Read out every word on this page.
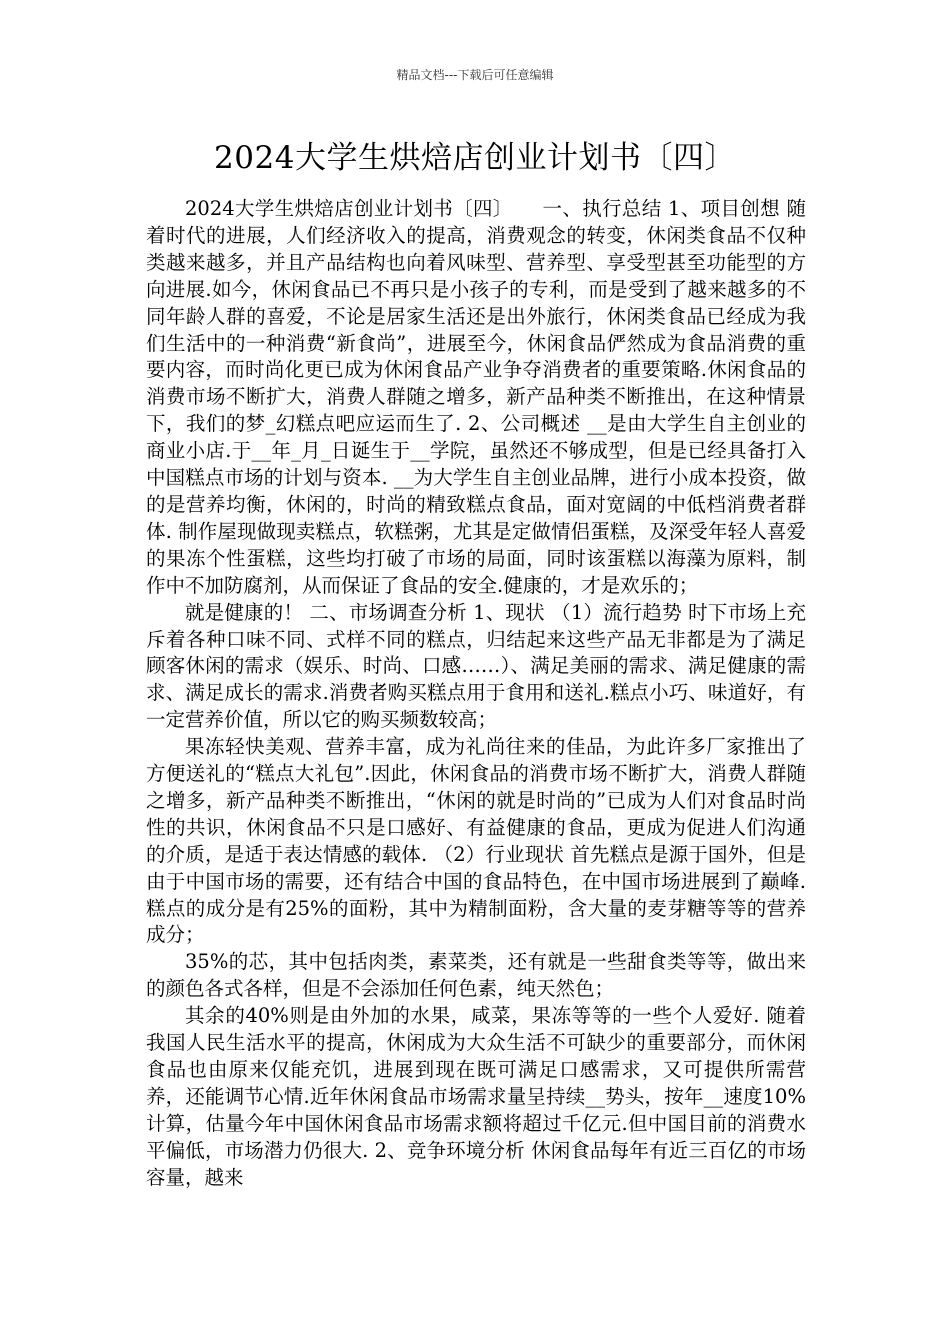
精品文档---下载后可任意编辑
2024大学生烘焙店创业计划书〔四〕

2024大学生烘焙店创业计划书〔四〕　　一、执行总结 1、项目创想 随着时代的进展，人们经济收入的提高，消费观念的转变，休闲类食品不仅种类越来越多，并且产品结构也向着风味型、营养型、享受型甚至功能型的方向进展.如今，休闲食品已不再只是小孩子的专利，而是受到了越来越多的不同年龄人群的喜爱，不论是居家生活还是出外旅行，休闲类食品已经成为我们生活中的一种消费“新食尚”，进展至今，休闲食品俨然成为食品消费的重要内容，而时尚化更已成为休闲食品产业争夺消费者的重要策略.休闲食品的消费市场不断扩大，消费人群随之增多，新产品种类不断推出，在这种情景下，我们的梦_幻糕点吧应运而生了. 2、公司概述 __是由大学生自主创业的商业小店.于__年_月_日诞生于__学院，虽然还不够成型，但是已经具备打入中国糕点市场的计划与资本. __为大学生自主创业品牌，进行小成本投资，做的是营养均衡，休闲的，时尚的精致糕点食品，面对宽阔的中低档消费者群体. 制作屋现做现卖糕点，软糕粥，尤其是定做情侣蛋糕，及深受年轻人喜爱的果冻个性蛋糕，这些均打破了市场的局面，同时该蛋糕以海藻为原料，制作中不加防腐剂，从而保证了食品的安全.健康的，才是欢乐的；

就是健康的！ 二、市场调查分析 1、现状 （1）流行趋势 时下市场上充斥着各种口味不同、式样不同的糕点，归结起来这些产品无非都是为了满足顾客休闲的需求（娱乐、时尚、口感……）、满足美丽的需求、满足健康的需求、满足成长的需求.消费者购买糕点用于食用和送礼.糕点小巧、味道好，有一定营养价值，所以它的购买频数较高；

果冻轻快美观、营养丰富，成为礼尚往来的佳品，为此许多厂家推出了方便送礼的“糕点大礼包”.因此，休闲食品的消费市场不断扩大，消费人群随之增多，新产品种类不断推出，“休闲的就是时尚的”已成为人们对食品时尚性的共识，休闲食品不只是口感好、有益健康的食品，更成为促进人们沟通的介质，是适于表达情感的载体. （2）行业现状 首先糕点是源于国外，但是由于中国市场的需要，还有结合中国的食品特色，在中国市场进展到了巅峰. 糕点的成分是有25%的面粉，其中为精制面粉，含大量的麦芽糖等等的营养成分；

35%的芯，其中包括肉类，素菜类，还有就是一些甜食类等等，做出来的颜色各式各样，但是不会添加任何色素，纯天然色；

其余的40%则是由外加的水果，咸菜，果冻等等的一些个人爱好. 随着我国人民生活水平的提高，休闲成为大众生活不可缺少的重要部分，而休闲食品也由原来仅能充饥，进展到现在既可满足口感需求，又可提供所需营养，还能调节心情.近年休闲食品市场需求量呈持续__势头，按年__速度10%计算，估量今年中国休闲食品市场需求额将超过千亿元.但中国目前的消费水平偏低，市场潜力仍很大. 2、竞争环境分析 休闲食品每年有近三百亿的市场容量，越来
